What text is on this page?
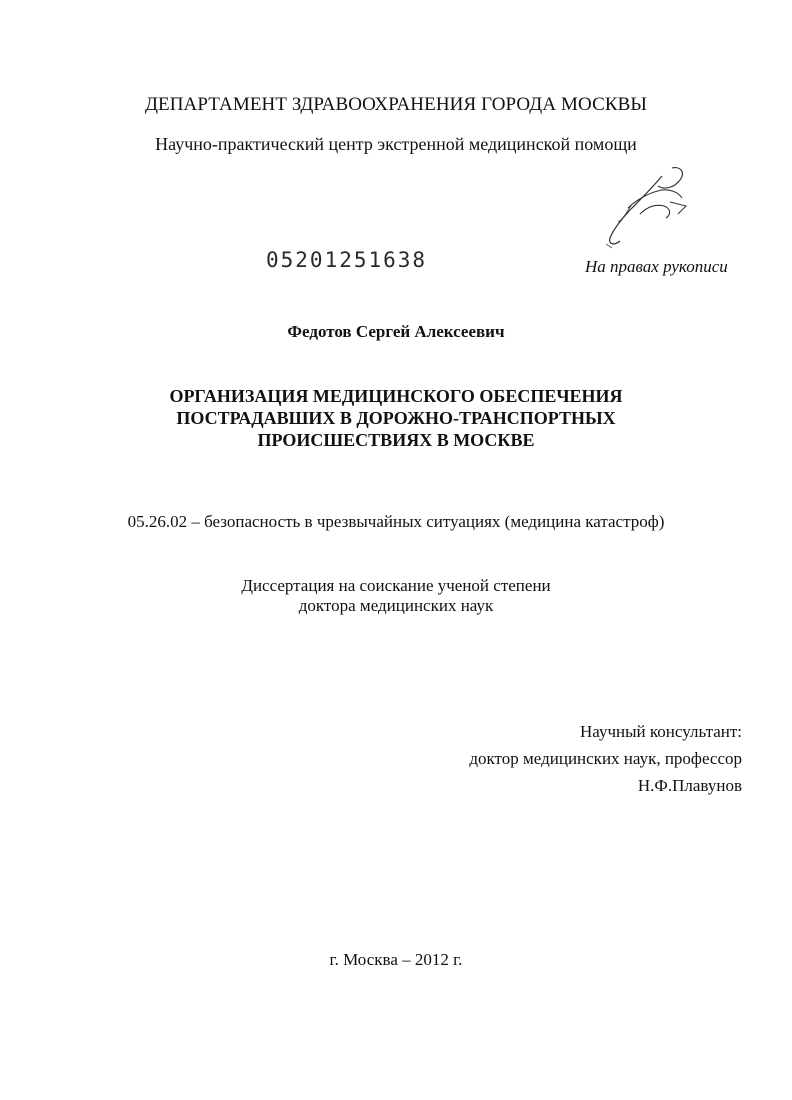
ДЕПАРТАМЕНТ ЗДРАВООХРАНЕНИЯ ГОРОДА МОСКВЫ
Научно-практический центр экстренной медицинской помощи
05201251638	На правах рукописи
Федотов Сергей Алексеевич
ОРГАНИЗАЦИЯ МЕДИЦИНСКОГО ОБЕСПЕЧЕНИЯ
ПОСТРАДАВШИХ В ДОРОЖНО-ТРАНСПОРТНЫХ
ПРОИСШЕСТВИЯХ В МОСКВЕ
05.26.02 – безопасность в чрезвычайных ситуациях (медицина катастроф)
Диссертация на соискание ученой степени
доктора медицинских наук
Научный консультант:
доктор медицинских наук, профессор
Н.Ф.Плавунов
г. Москва – 2012 г.
